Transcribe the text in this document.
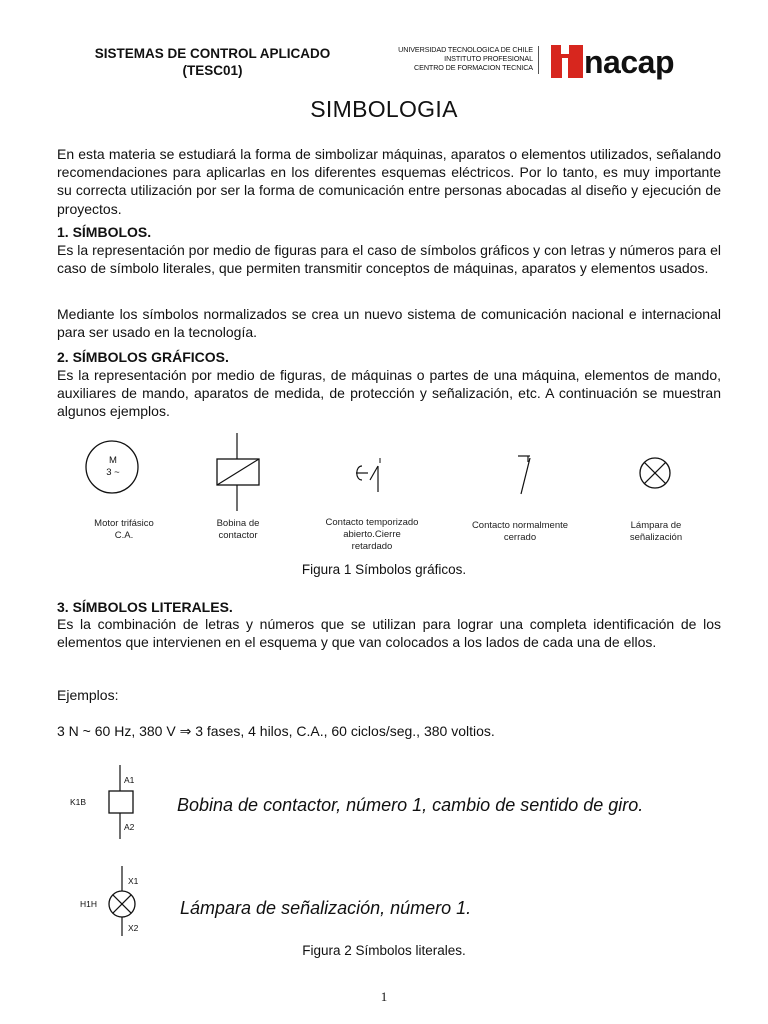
SISTEMAS DE CONTROL APLICADO
(TESC01)
UNIVERSIDAD TECNOLOGICA DE CHILE
INSTITUTO PROFESIONAL
CENTRO DE FORMACION TECNICA nacap
SIMBOLOGIA
En esta materia se estudiará la forma de simbolizar máquinas, aparatos o elementos utilizados, señalando recomendaciones para aplicarlas en los diferentes esquemas eléctricos. Por lo tanto, es muy importante su correcta utilización por ser la forma de comunicación entre personas abocadas al diseño y ejecución de proyectos.
1. SÍMBOLOS.
Es la representación por medio de figuras para el caso de símbolos gráficos y con letras y números para el caso de símbolo literales, que permiten transmitir conceptos de máquinas, aparatos y elementos usados.
Mediante los símbolos normalizados se crea un nuevo sistema de comunicación nacional e internacional para ser usado en la tecnología.
2. SÍMBOLOS GRÁFICOS.
Es la representación por medio de figuras, de máquinas o partes de una máquina, elementos de mando, auxiliares de mando, aparatos de medida, de protección y señalización, etc. A continuación se muestran algunos ejemplos.
M
3 ~
Motor trifásico
C.A.
Bobina de
contactor
Contacto temporizado
abierto.Cierre
retardado
Contacto normalmente
cerrado
Lámpara de
señalización
Figura 1 Símbolos gráficos.
3. SÍMBOLOS LITERALES.
Es la combinación de letras y números que se utilizan para lograr una completa identificación de los elementos que intervienen en el esquema y que van colocados a los lados de cada una de ellos.
Ejemplos:
3 N ~ 60 Hz, 380 V ⇒ 3 fases, 4 hilos, C.A., 60 ciclos/seg., 380 voltios.
A1
K1B
A2
Bobina de contactor, número 1, cambio de sentido de giro.
X1
H1H
X2
Lámpara de señalización, número 1.
Figura 2 Símbolos literales.
1
